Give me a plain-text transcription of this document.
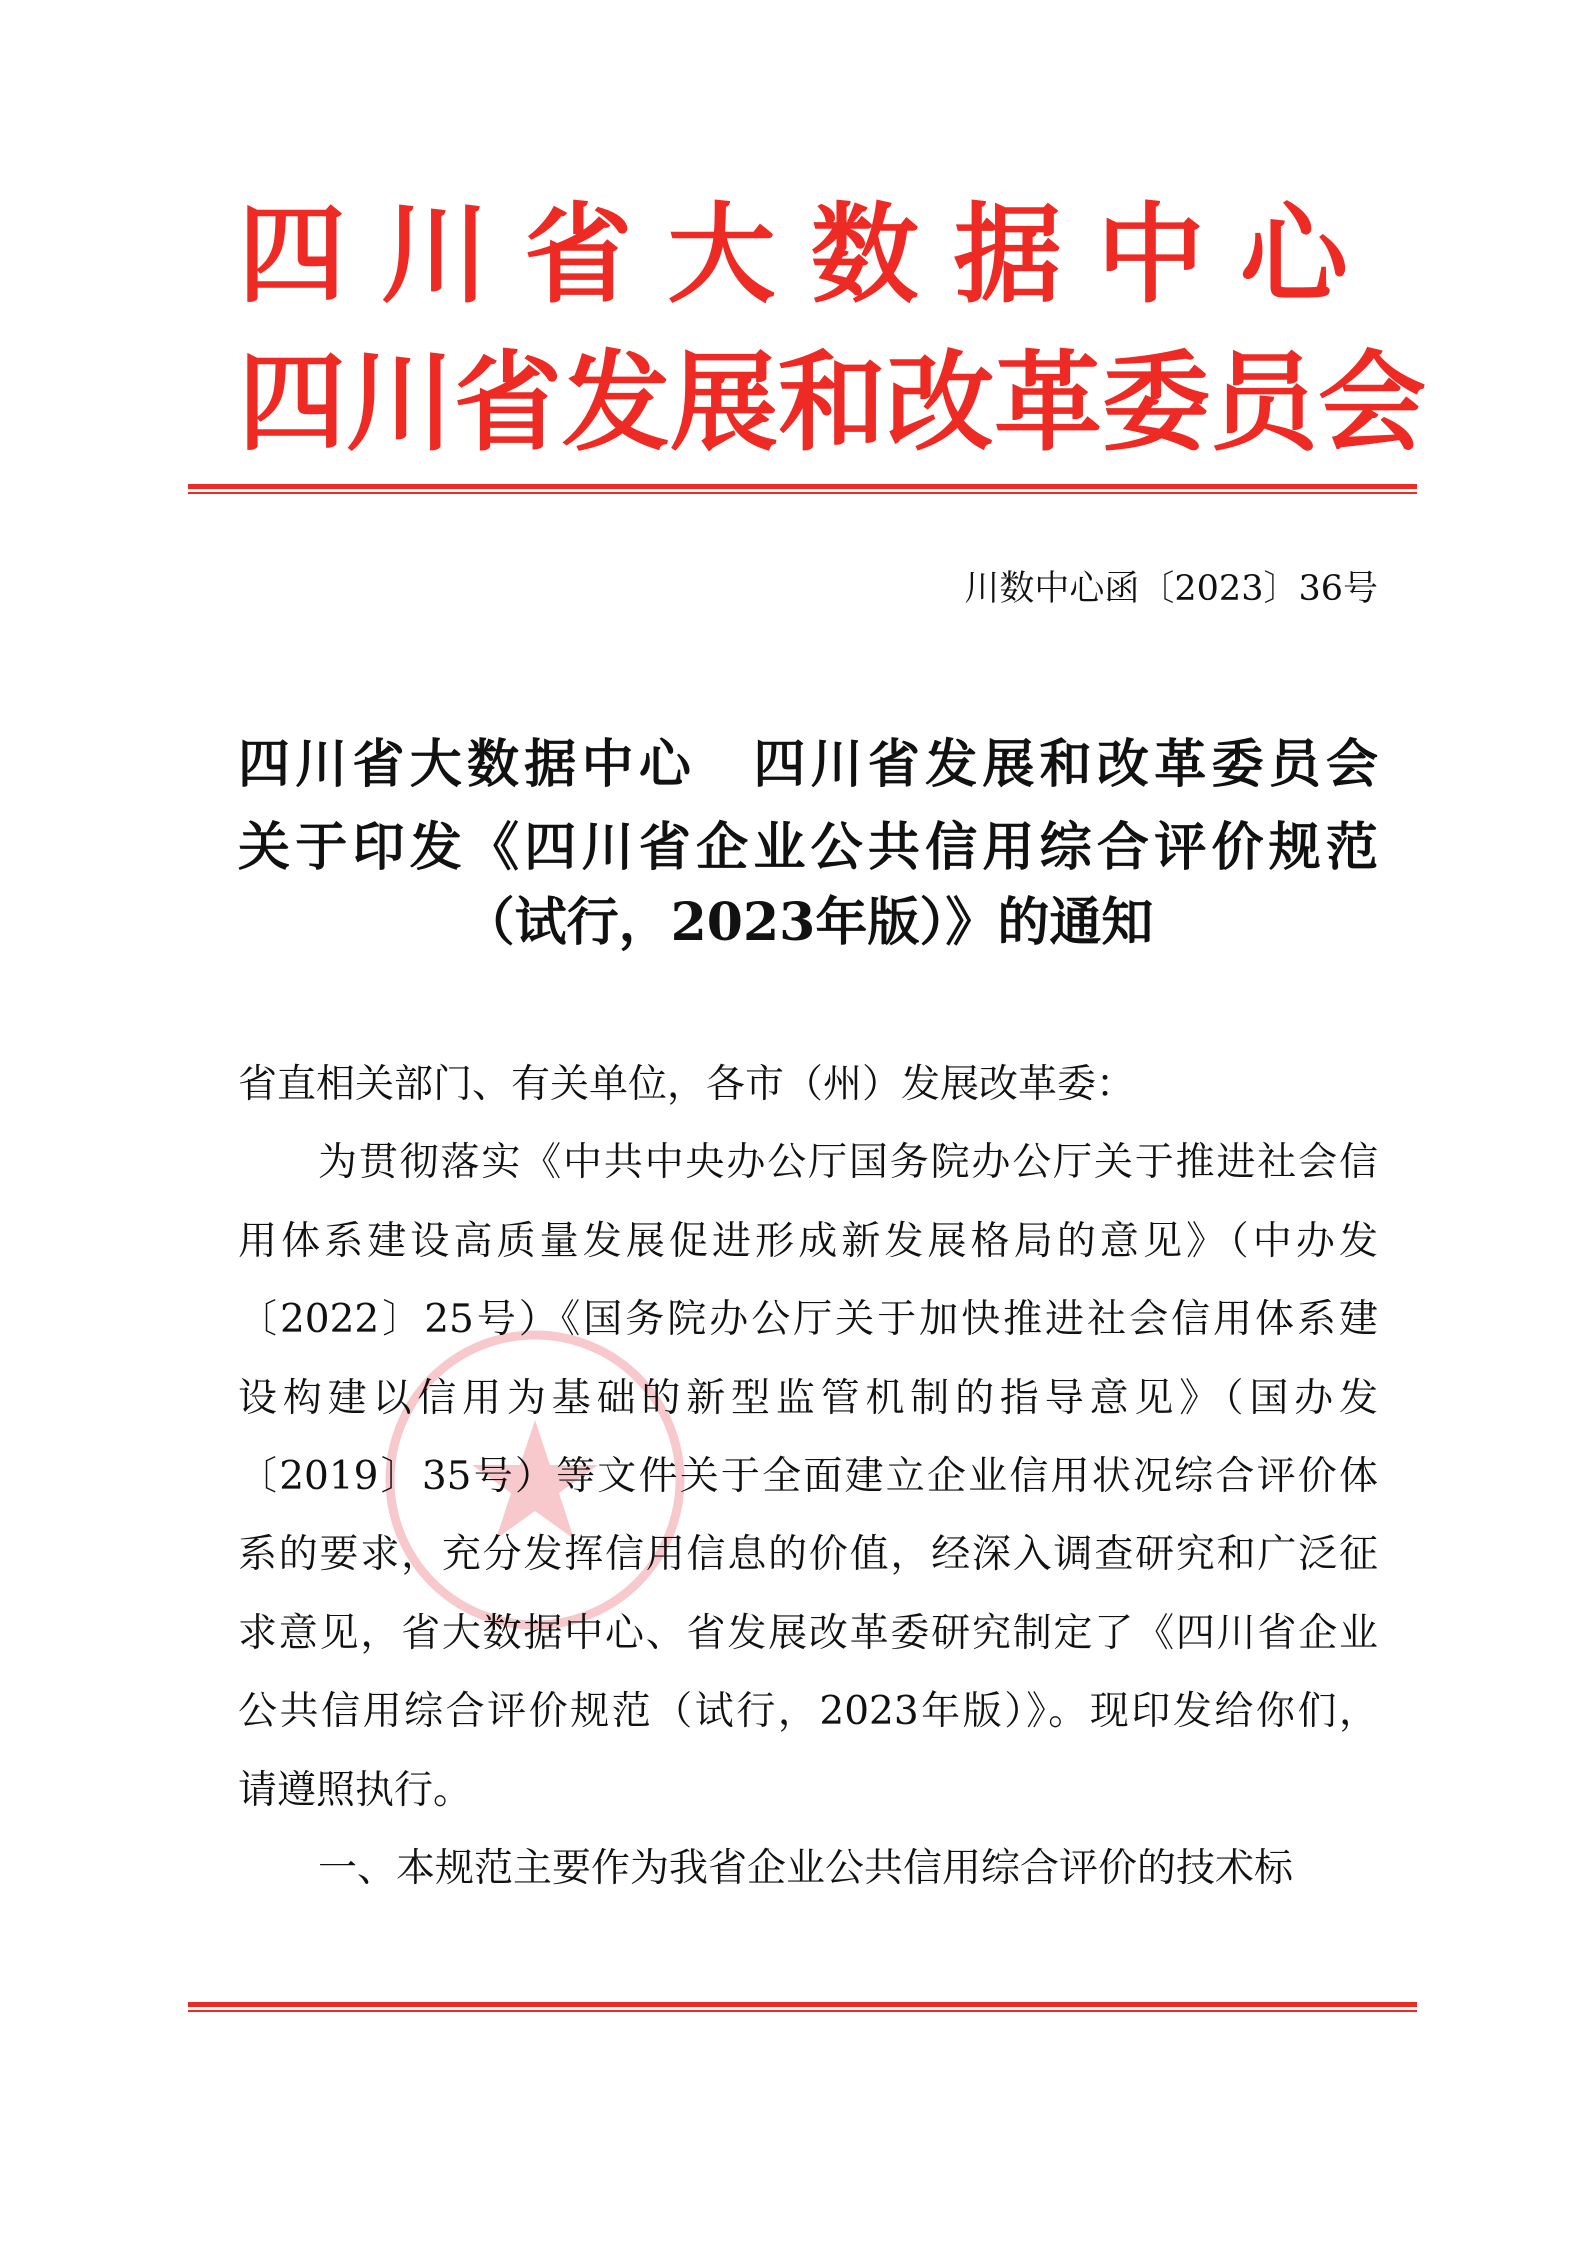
四川省大数据中心
四川省发展和改革委员会
川数中心函〔2023〕36号
四川省大数据中心　四川省发展和改革委员会
关于印发《四川省企业公共信用综合评价规范
（试行，2023年版）》的通知
省直相关部门、有关单位，各市（州）发展改革委：
为贯彻落实《中共中央办公厅国务院办公厅关于推进社会信
用体系建设高质量发展促进形成新发展格局的意见》（中办发
〔2022〕25号）《国务院办公厅关于加快推进社会信用体系建
设构建以信用为基础的新型监管机制的指导意见》（国办发
〔2019〕35号）等文件关于全面建立企业信用状况综合评价体
系的要求，充分发挥信用信息的价值，经深入调查研究和广泛征
求意见，省大数据中心、省发展改革委研究制定了《四川省企业
公共信用综合评价规范（试行，2023年版）》。现印发给你们，
请遵照执行。
一、本规范主要作为我省企业公共信用综合评价的技术标
